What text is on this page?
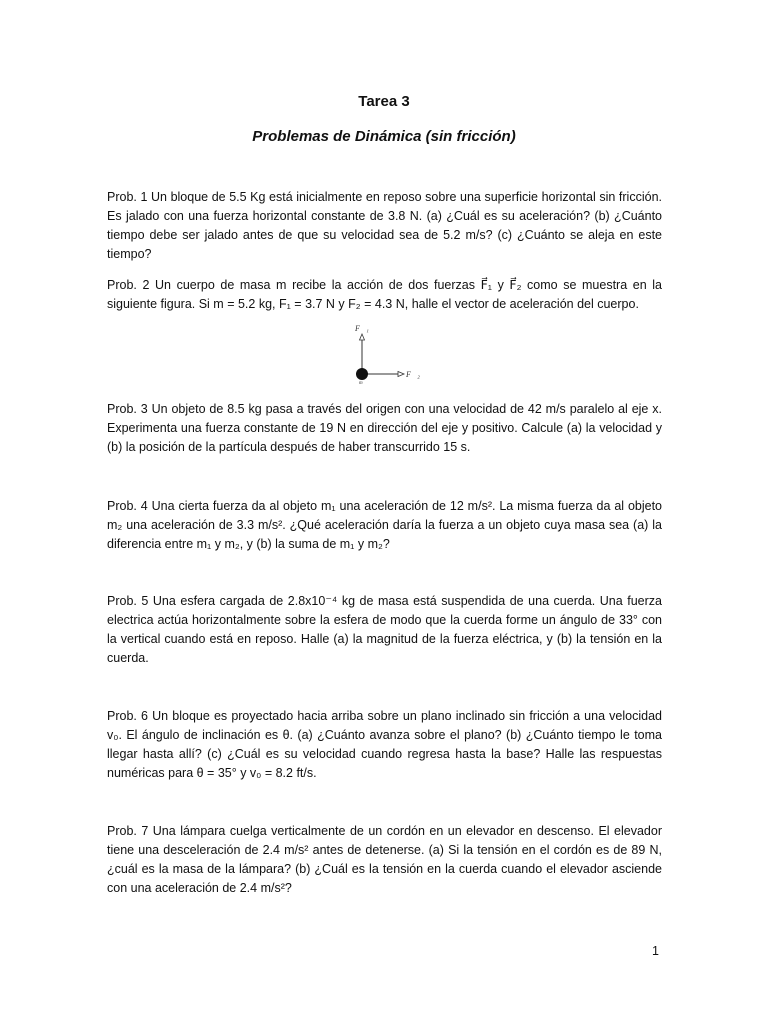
Tarea 3
Problemas de Dinámica (sin fricción)
Prob. 1 Un bloque de 5.5 Kg está inicialmente en reposo sobre una superficie horizontal sin fricción. Es jalado con una fuerza horizontal constante de 3.8 N. (a) ¿Cuál es su aceleración? (b) ¿Cuánto tiempo debe ser jalado antes de que su velocidad sea de 5.2 m/s? (c) ¿Cuánto se aleja en este tiempo?
Prob. 2 Un cuerpo de masa m recibe la acción de dos fuerzas F⃗₁ y F⃗₂ como se muestra en la siguiente figura. Si m = 5.2 kg, F₁ = 3.7 N y F₂ = 4.3 N, halle el vector de aceleración del cuerpo.
F⃗₁
F⃗₂
m
Prob. 3 Un objeto de 8.5 kg pasa a través del origen con una velocidad de 42 m/s paralelo al eje x. Experimenta una fuerza constante de 19 N en dirección del eje y positivo. Calcule (a) la velocidad y (b) la posición de la partícula después de haber transcurrido 15 s.
Prob. 4 Una cierta fuerza da al objeto m₁ una aceleración de 12 m/s². La misma fuerza da al objeto m₂ una aceleración de 3.3 m/s². ¿Qué aceleración daría la fuerza a un objeto cuya masa sea (a) la diferencia entre m₁ y m₂, y (b) la suma de m₁ y m₂?
Prob. 5 Una esfera cargada de 2.8x10⁻⁴ kg de masa está suspendida de una cuerda. Una fuerza electrica actúa horizontalmente sobre la esfera de modo que la cuerda forme un ángulo de 33° con la vertical cuando está en reposo. Halle (a) la magnitud de la fuerza eléctrica, y (b) la tensión en la cuerda.
Prob. 6 Un bloque es proyectado hacia arriba sobre un plano inclinado sin fricción a una velocidad v₀. El ángulo de inclinación es θ. (a) ¿Cuánto avanza sobre el plano? (b) ¿Cuánto tiempo le toma llegar hasta allí? (c) ¿Cuál es su velocidad cuando regresa hasta la base? Halle las respuestas numéricas para θ = 35° y v₀ = 8.2 ft/s.
Prob. 7 Una lámpara cuelga verticalmente de un cordón en un elevador en descenso. El elevador tiene una desceleración de 2.4 m/s² antes de detenerse. (a) Si la tensión en el cordón es de 89 N, ¿cuál es la masa de la lámpara? (b) ¿Cuál es la tensión en la cuerda cuando el elevador asciende con una aceleración de 2.4 m/s²?
1
